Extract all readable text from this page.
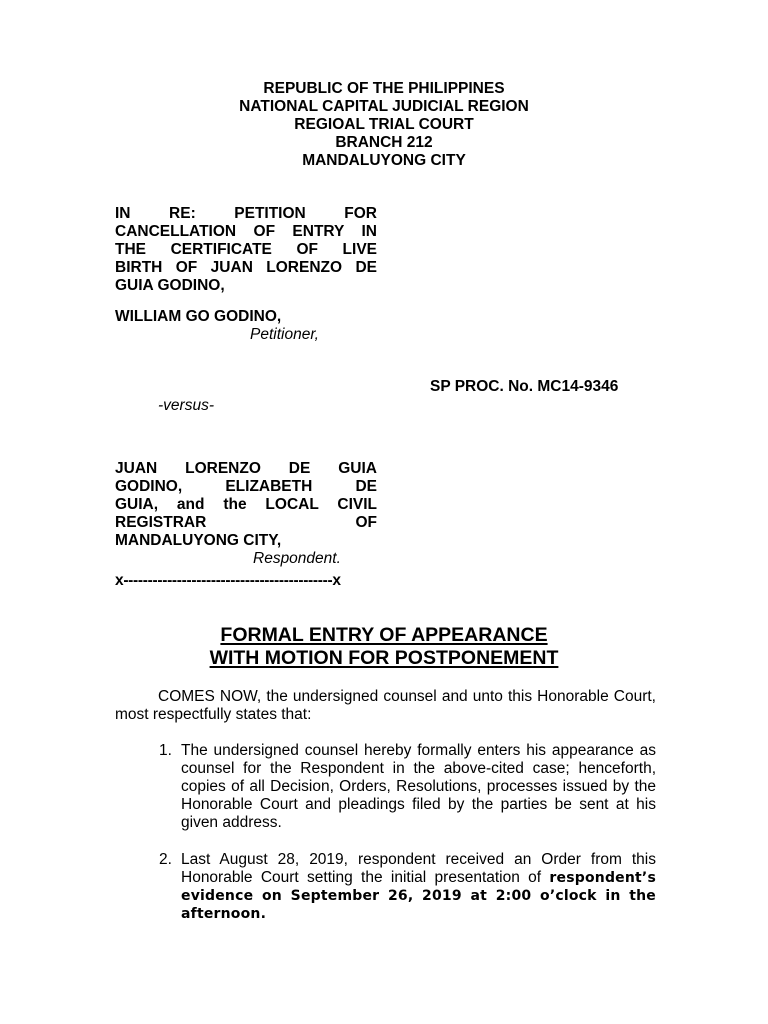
REPUBLIC OF THE PHILIPPINES
NATIONAL CAPITAL JUDICIAL REGION
REGIOAL TRIAL COURT
BRANCH 212
MANDALUYONG CITY
IN RE: PETITION FOR
CANCELLATION OF ENTRY IN
THE CERTIFICATE OF LIVE
BIRTH OF JUAN LORENZO DE
GUIA GODINO,
WILLIAM GO GODINO,
Petitioner,
SP PROC. No. MC14-9346
-versus-
JUAN LORENZO DE GUIA
GODINO, ELIZABETH DE
GUIA, and the LOCAL CIVIL
REGISTRAR OF
MANDALUYONG CITY,
Respondent.
x-------------------------------------------x
FORMAL ENTRY OF APPEARANCE
WITH MOTION FOR POSTPONEMENT
COMES NOW, the undersigned counsel and unto this Honorable Court, most respectfully states that:
1. The undersigned counsel hereby formally enters his appearance as counsel for the Respondent in the above-cited case; henceforth, copies of all Decision, Orders, Resolutions, processes issued by the Honorable Court and pleadings filed by the parties be sent at his given address.
2. Last August 28, 2019, respondent received an Order from this Honorable Court setting the initial presentation of respondent’s evidence on September 26, 2019 at 2:00 o’clock in the afternoon.
